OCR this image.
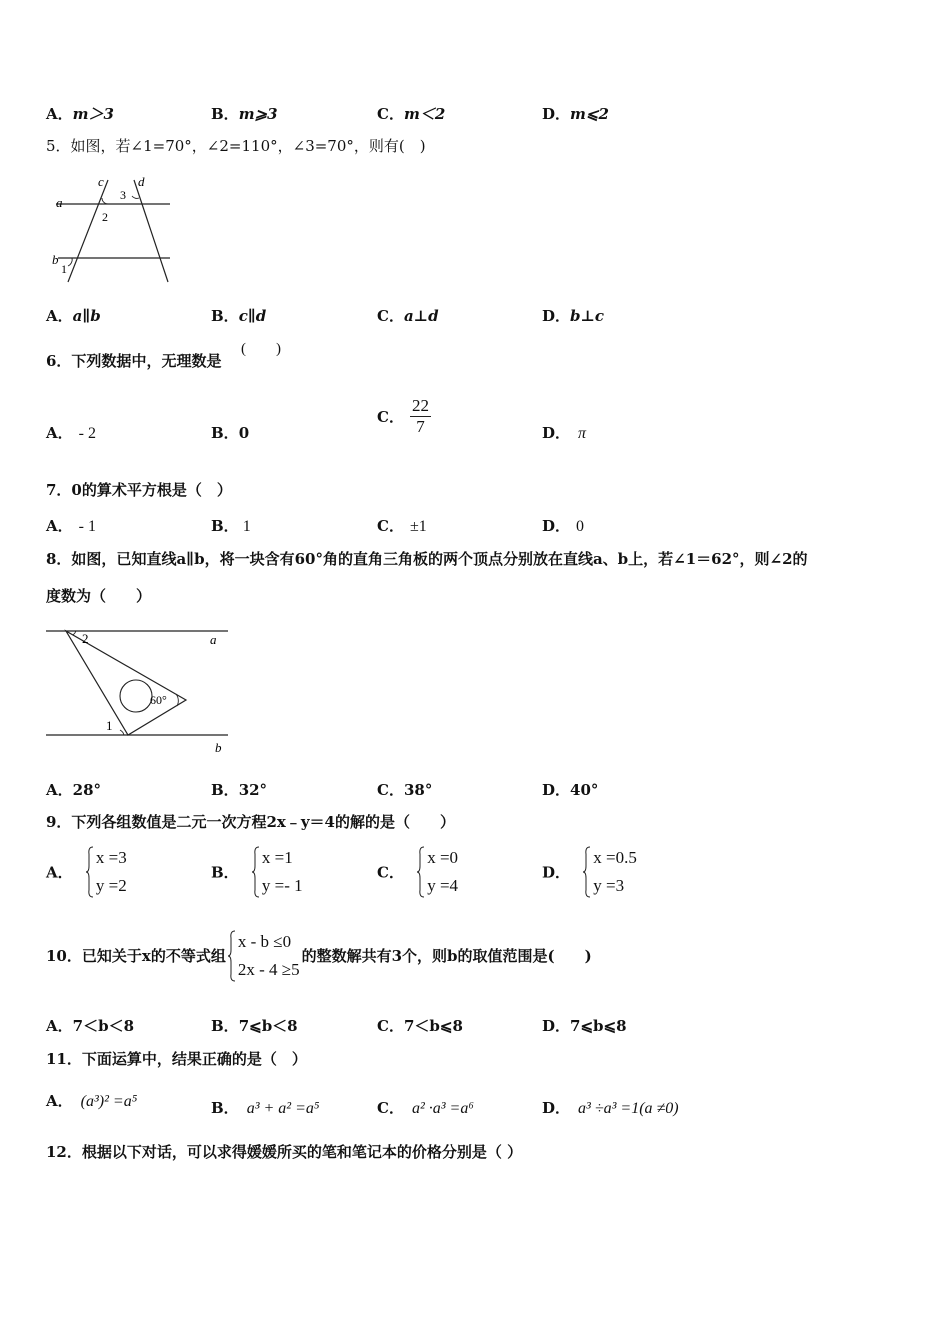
A．m＞3	B．m⩾3	C．m＜2	D．m⩽2
5．如图，若∠1=70°，∠2=110°，∠3=70°，则有(　)
c	d
3
a
2
b
1
A．a∥b	B．c∥d	C．a⊥d	D．b⊥c
6．下列数据中，无理数是
(　　)
A． - 2	B．0
C． $\frac{22}{7}$	D． π
7．0的算术平方根是（　）
A． - 1	B． 1	C． ±1	D． 0
8．如图，已知直线a∥b，将一块含有60°角的直角三角板的两个顶点分别放在直线a、b上，若∠1＝62°，则∠2的
度数为（　　）
2	a
60°
1
b
A．28°	B．32°	C．38°	D．40°
9．下列各组数值是二元一次方程2x﹣y＝4的解的是（　　）
A．
x =3
y =2
B．
x =1
y =- 1
C．
x =0
y =4
D．
x =0.5
y =3
10．已知关于x的不等式组
x - b ≤0
2x - 4 ≥5
的整数解共有3个，则b的取值范围是(　　)
A．7＜b＜8	B．7⩽b＜8	C．7＜b⩽8	D．7⩽b⩽8
11．下面运算中，结果正确的是（　）
A． (a³)² =a⁵	B． a³ + a² =a⁵	C． a² ·a³ =a⁶	D． a³ ÷a³ =1(a ≠0)
12．根据以下对话，可以求得媛媛所买的笔和笔记本的价格分别是（ ）
